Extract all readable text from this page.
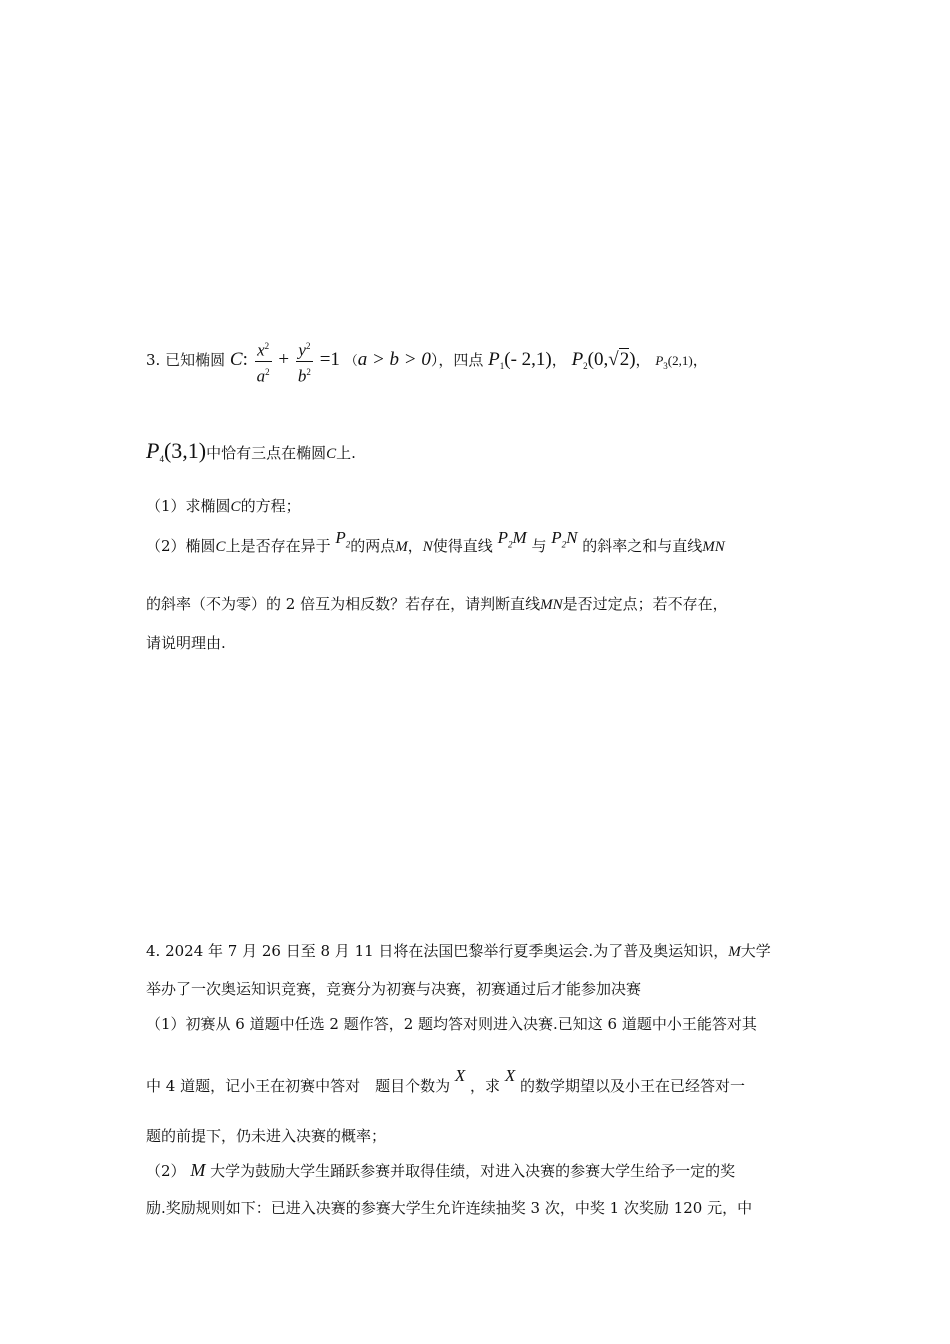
3. 已知椭圆 C: $\frac{x^2}{a^2} + \frac{y^2}{b^2} =1$ （a > b > 0），四点 $P_1(-$ 2,1)， $P_2(0,√2)$， $P_3(2,1)$，
$P_4(3,1)$中恰有三点在椭圆C上.
（1）求椭圆C的方程；
（2）椭圆C上是否存在异于 $P_2$的两点M，N使得直线 $P_2M$ 与 $P_2N$ 的斜率之和与直线MN
的斜率（不为零）的 2 倍互为相反数？若存在，请判断直线MN是否过定点；若不存在，
请说明理由.
4. 2024 年 7 月 26 日至 8 月 11 日将在法国巴黎举行夏季奥运会.为了普及奥运知识，M大学
举办了一次奥运知识竞赛，竞赛分为初赛与决赛，初赛通过后才能参加决赛
（1）初赛从 6 道题中任选 2 题作答，2 题均答对则进入决赛.已知这 6 道题中小王能答对其
中 4 道题，记小王在初赛中答对　题目个数为 X ，求 X 的数学期望以及小王在已经答对一
题的前提下，仍未进入决赛的概率；
（2） M 大学为鼓励大学生踊跃参赛并取得佳绩，对进入决赛的参赛大学生给予一定的奖
励.奖励规则如下：已进入决赛的参赛大学生允许连续抽奖 3 次，中奖 1 次奖励 120 元，中
